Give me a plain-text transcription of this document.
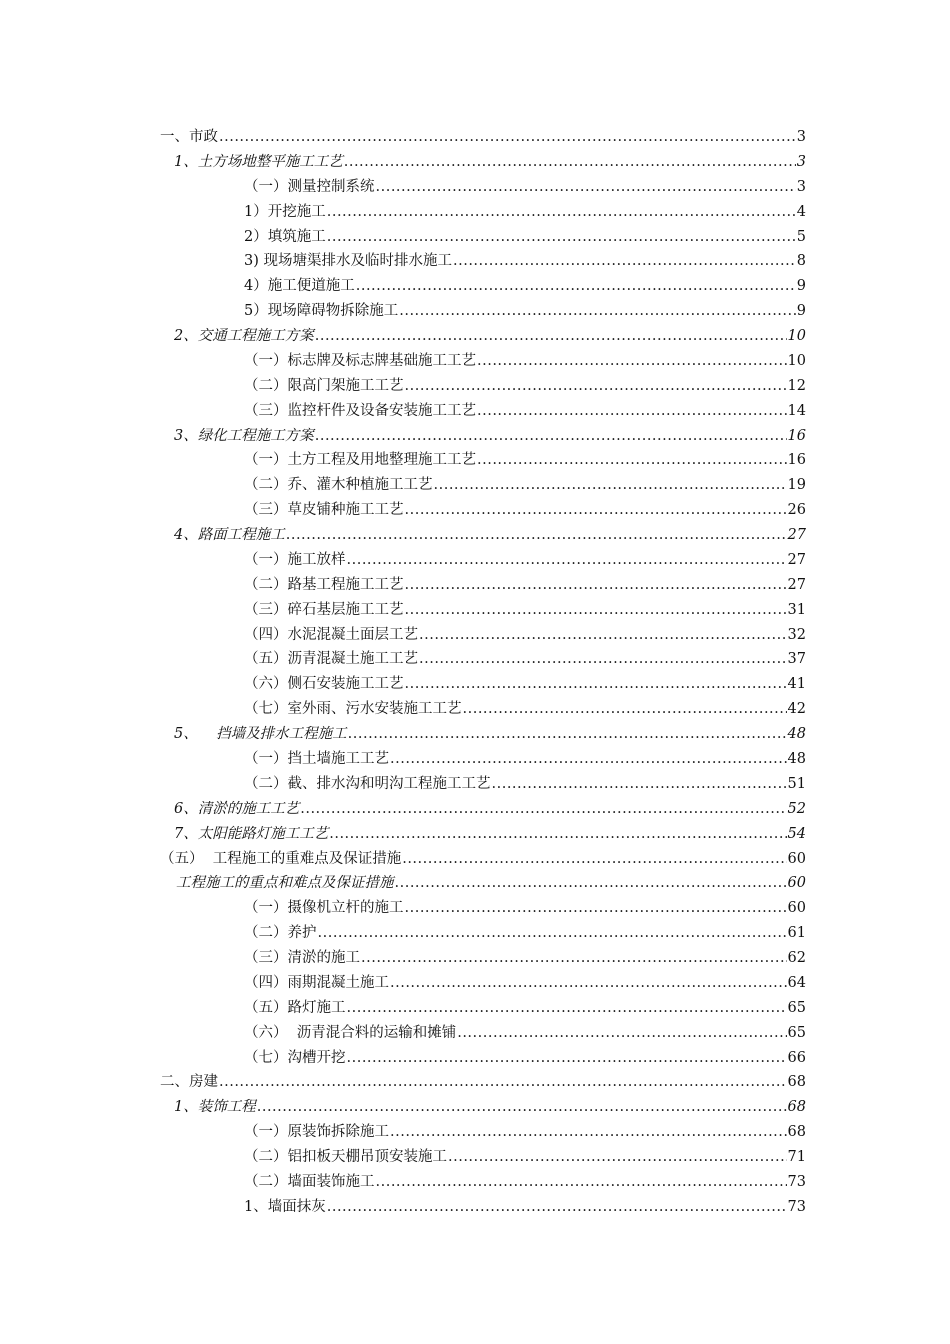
一、市政 .....	3
1、土方场地整平施工工艺 .....	3
（一）测量控制系统 .....	3
1）开挖施工 .....	4
2）填筑施工 .....	5
3) 现场塘渠排水及临时排水施工 .....	8
4）施工便道施工 .....	9
5）现场障碍物拆除施工 .....	9
2、交通工程施工方案 .....	10
（一）标志牌及标志牌基础施工工艺 .....	10
（二）限高门架施工工艺 .....	12
（三）监控杆件及设备安装施工工艺 .....	14
3、绿化工程施工方案 .....	16
（一）土方工程及用地整理施工工艺 .....	16
（二）乔、灌木种植施工工艺 .....	19
（三）草皮铺种施工工艺 .....	26
4、路面工程施工 .....	27
（一）施工放样 .....	27
（二）路基工程施工工艺 .....	27
（三）碎石基层施工工艺 .....	31
（四）水泥混凝土面层工艺 .....	32
（五）沥青混凝土施工工艺 .....	37
（六）侧石安装施工工艺 .....	41
（七）室外雨、污水安装施工工艺 .....	42
5、    挡墙及排水工程施工 .....	48
（一）挡土墙施工工艺 .....	48
（二）截、排水沟和明沟工程施工工艺 .....	51
6、清淤的施工工艺 .....	52
7、太阳能路灯施工工艺 .....	54
（五）  工程施工的重难点及保证措施 .....	60
工程施工的重点和难点及保证措施 .....	60
（一）摄像机立杆的施工 .....	60
（二）养护 .....	61
（三）清淤的施工 .....	62
（四）雨期混凝土施工 .....	64
（五）路灯施工 .....	65
（六）  沥青混合料的运输和摊铺 .....	65
（七）沟槽开挖 .....	66
二、房建 .....	68
1、装饰工程 .....	68
（一）原装饰拆除施工 .....	68
（二）铝扣板天棚吊顶安装施工 .....	71
（二）墙面装饰施工 .....	73
1、墙面抹灰 .....	73
